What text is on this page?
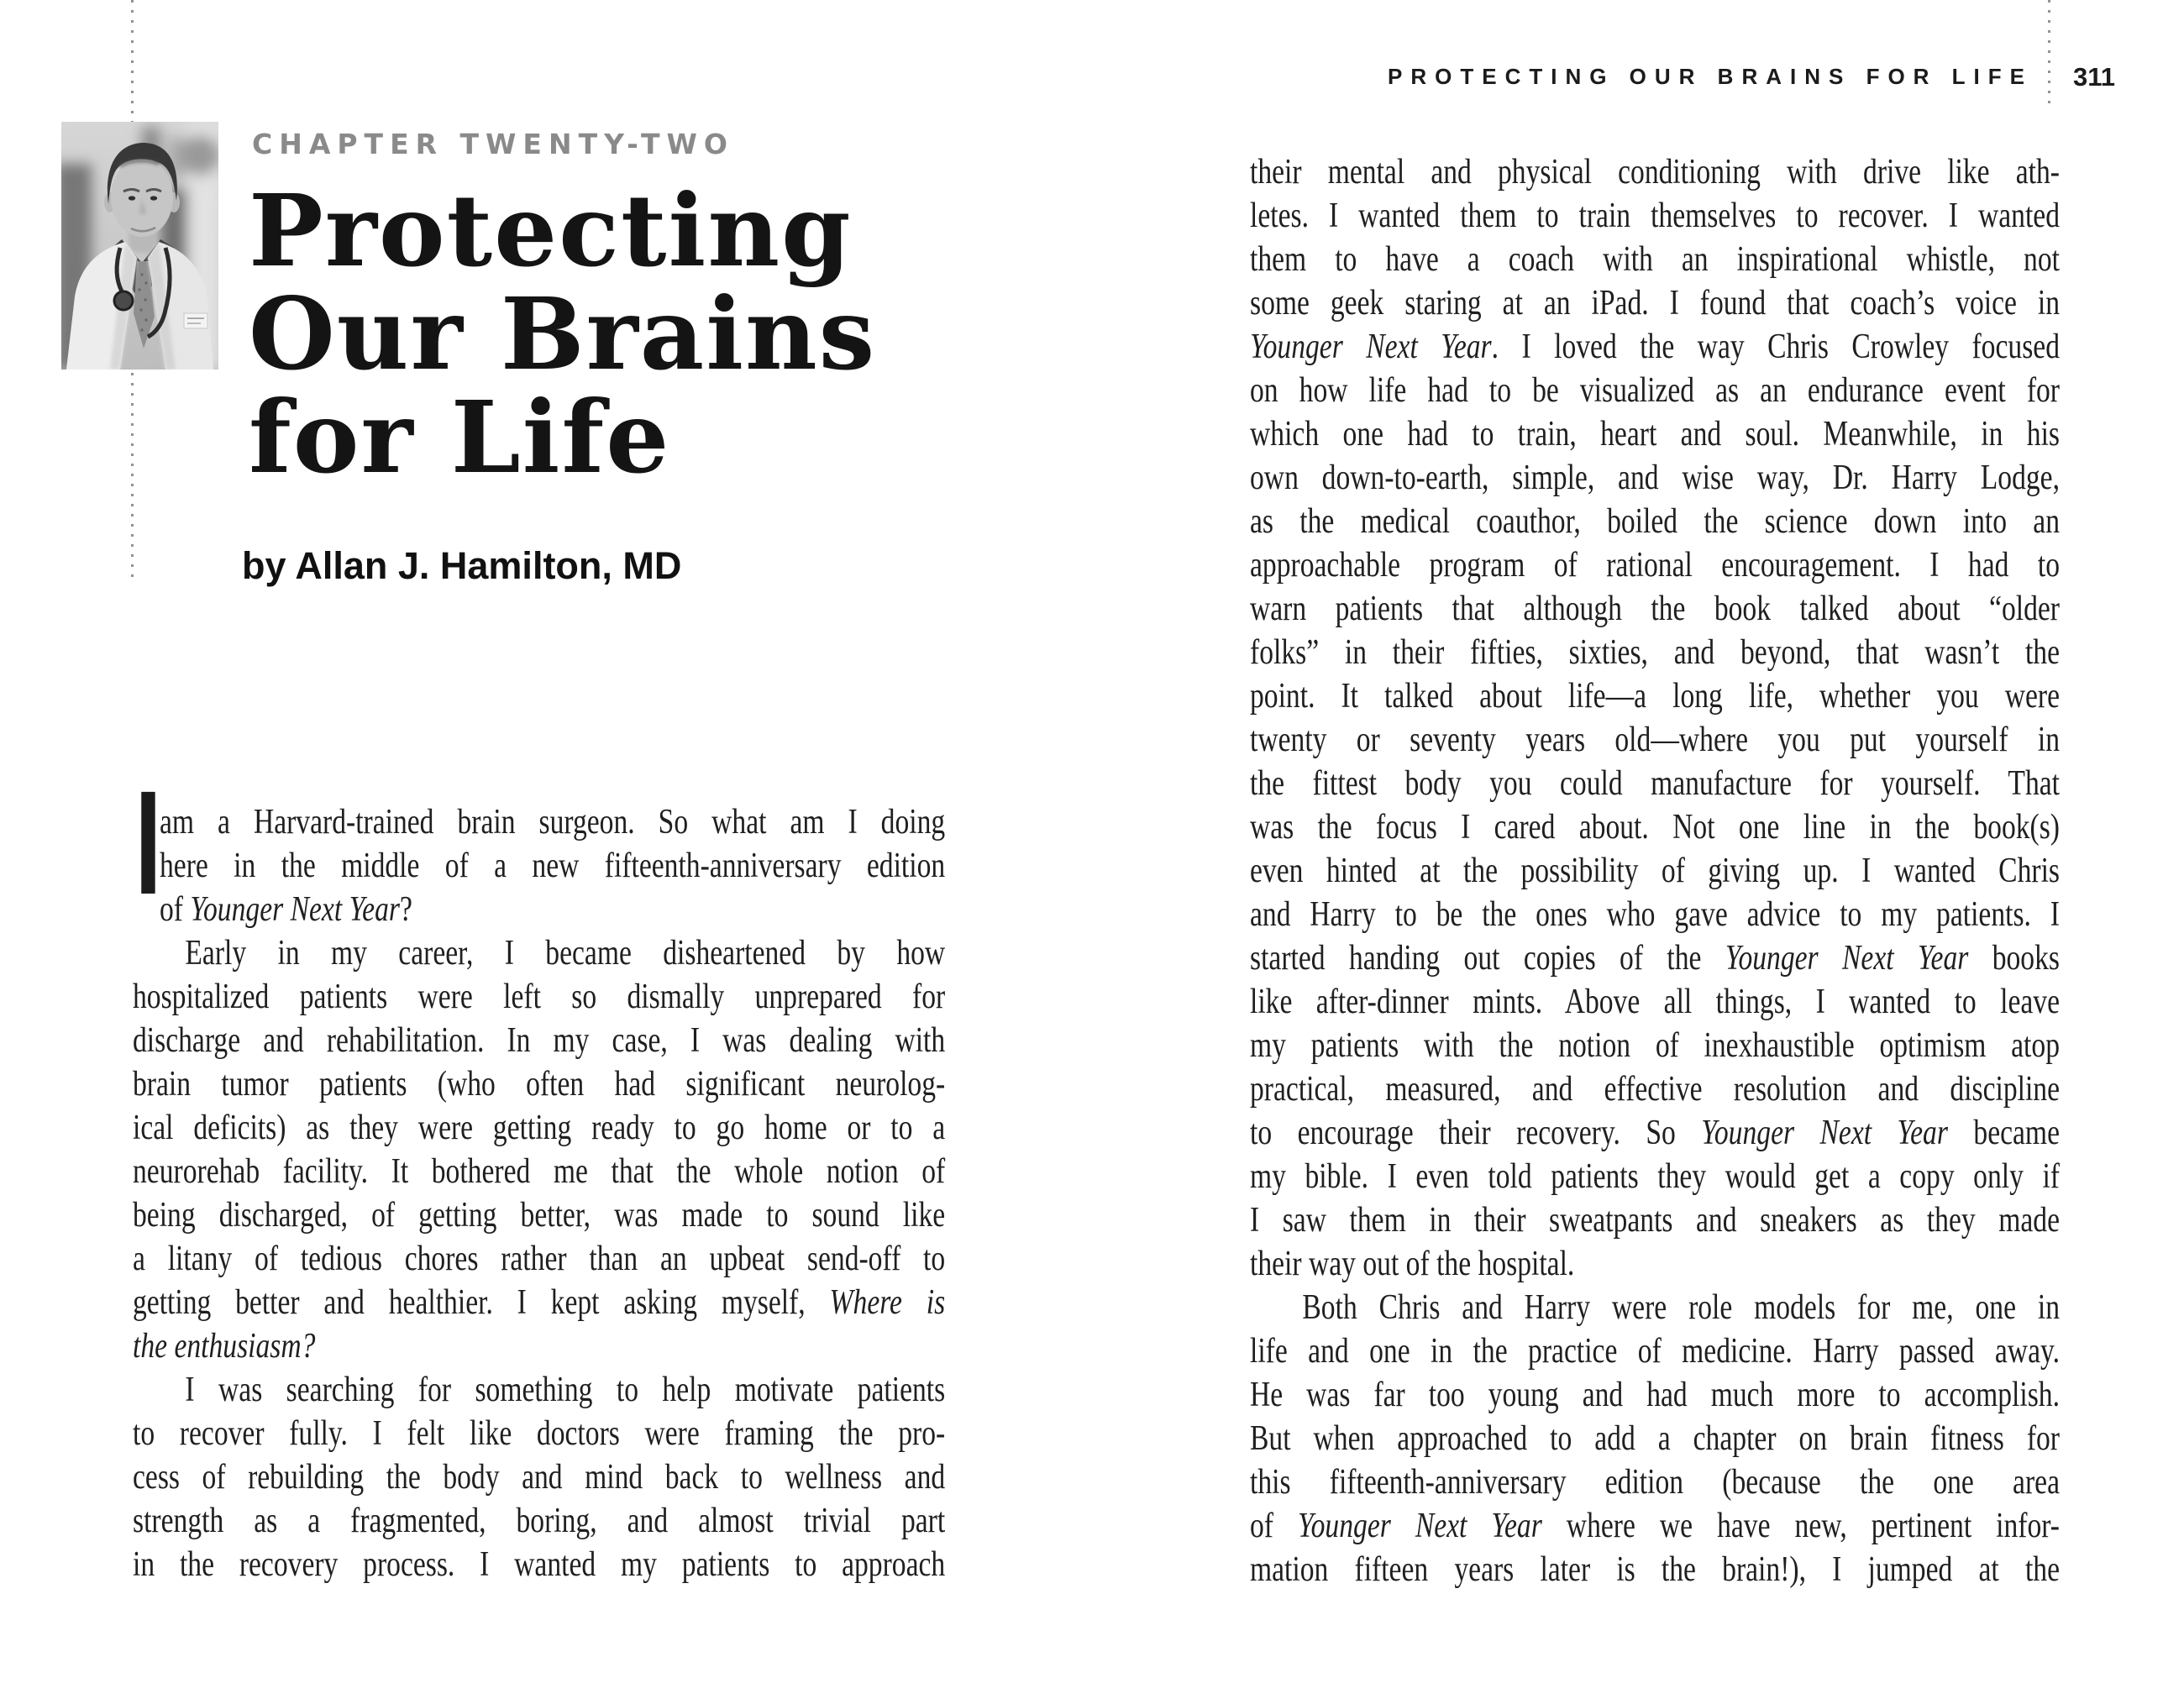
PROTECTING OUR BRAINS FOR LIFE 311
CHAPTER TWENTY-TWO
Protecting
Our Brains
for Life
by Allan J. Hamilton, MD
I
am a Harvard-trained brain surgeon. So what am I doing
here in the middle of a new fifteenth-anniversary edition
of Younger Next Year?
Early in my career, I became disheartened by how
hospitalized patients were left so dismally unprepared for
discharge and rehabilitation. In my case, I was dealing with
brain tumor patients (who often had significant neurolog-
ical deficits) as they were getting ready to go home or to a
neurorehab facility. It bothered me that the whole notion of
being discharged, of getting better, was made to sound like
a litany of tedious chores rather than an upbeat send-off to
getting better and healthier. I kept asking myself, Where is
the enthusiasm?
I was searching for something to help motivate patients
to recover fully. I felt like doctors were framing the pro-
cess of rebuilding the body and mind back to wellness and
strength as a fragmented, boring, and almost trivial part
in the recovery process. I wanted my patients to approach
their mental and physical conditioning with drive like ath-
letes. I wanted them to train themselves to recover. I wanted
them to have a coach with an inspirational whistle, not
some geek staring at an iPad. I found that coach’s voice in
Younger Next Year. I loved the way Chris Crowley focused
on how life had to be visualized as an endurance event for
which one had to train, heart and soul. Meanwhile, in his
own down-to-earth, simple, and wise way, Dr. Harry Lodge,
as the medical coauthor, boiled the science down into an
approachable program of rational encouragement. I had to
warn patients that although the book talked about “older
folks” in their fifties, sixties, and beyond, that wasn’t the
point. It talked about life—a long life, whether you were
twenty or seventy years old—where you put yourself in
the fittest body you could manufacture for yourself. That
was the focus I cared about. Not one line in the book(s)
even hinted at the possibility of giving up. I wanted Chris
and Harry to be the ones who gave advice to my patients. I
started handing out copies of the Younger Next Year books
like after-dinner mints. Above all things, I wanted to leave
my patients with the notion of inexhaustible optimism atop
practical, measured, and effective resolution and discipline
to encourage their recovery. So Younger Next Year became
my bible. I even told patients they would get a copy only if
I saw them in their sweatpants and sneakers as they made
their way out of the hospital.
Both Chris and Harry were role models for me, one in
life and one in the practice of medicine. Harry passed away.
He was far too young and had much more to accomplish.
But when approached to add a chapter on brain fitness for
this fifteenth-anniversary edition (because the one area
of Younger Next Year where we have new, pertinent infor-
mation fifteen years later is the brain!), I jumped at the
